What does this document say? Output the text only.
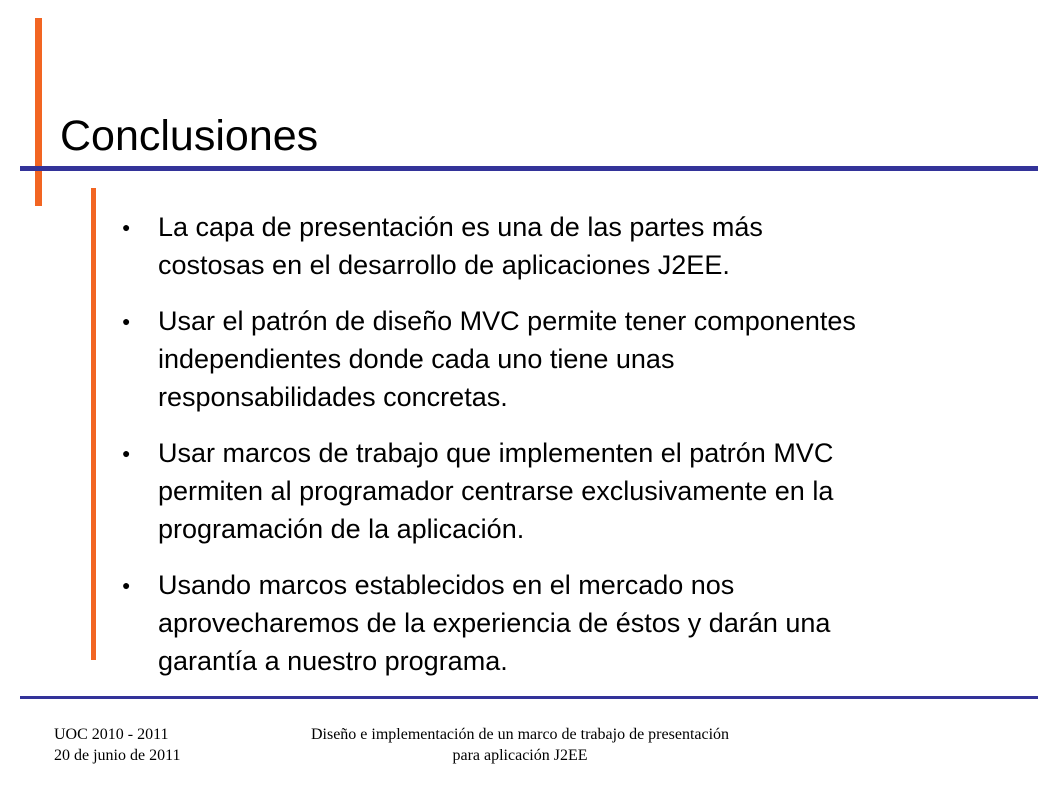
Conclusiones
● La capa de presentación es una de las partes más
costosas en el desarrollo de aplicaciones J2EE.
● Usar el patrón de diseño MVC permite tener componentes
independientes donde cada uno tiene unas
responsabilidades concretas.
● Usar marcos de trabajo que implementen el patrón MVC
permiten al programador centrarse exclusivamente en la
programación de la aplicación.
● Usando marcos establecidos en el mercado nos
aprovecharemos de la experiencia de éstos y darán una
garantía a nuestro programa.
UOC 2010 - 2011
20 de junio de 2011
Diseño e implementación de un marco de trabajo de presentación
para aplicación J2EE
